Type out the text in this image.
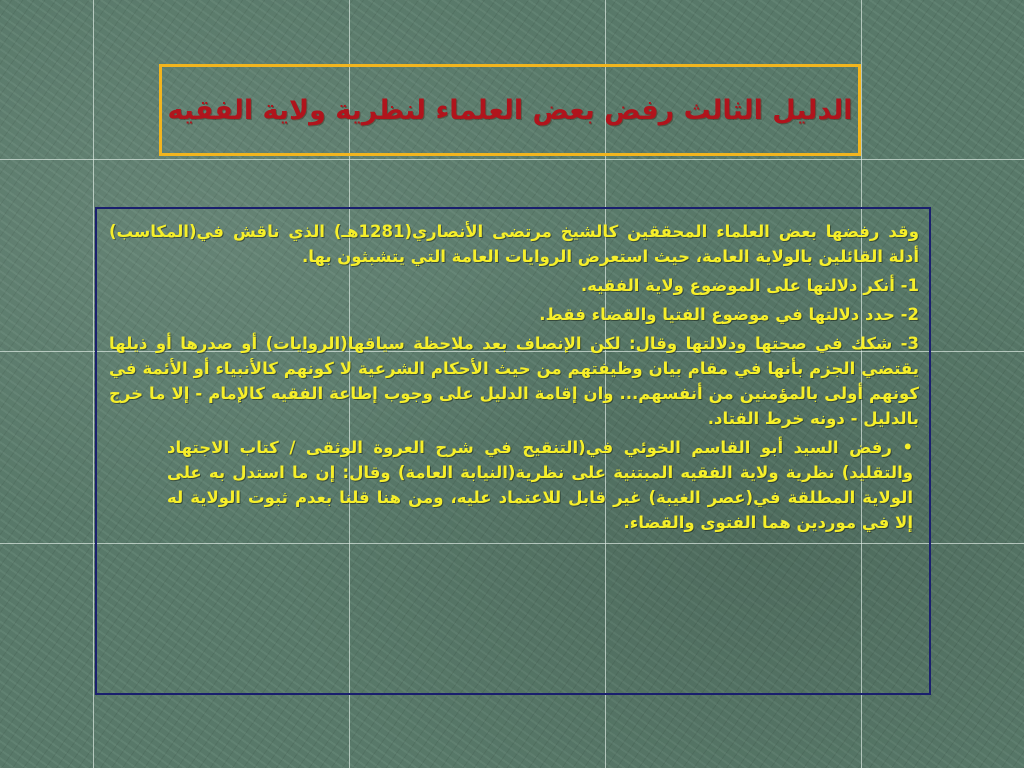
الدليل الثالث رفض بعض العلماء لنظرية ولاية الفقيه

وقد رفضها بعض العلماء المحققين كالشيخ مرتضى الأنصاري(1281هـ) الذي ناقش في(المكاسب) أدلة القائلين بالولاية العامة، حيث استعرض الروايات العامة التي يتشبثون بها.

1- أنكر دلالتها على الموضوع ولاية الفقيه.

2- حدد دلالتها في موضوع الفتيا والقضاء فقط.

3- شكك في صحتها ودلالتها وقال: لكن الإنصاف بعد ملاحظة سياقها(الروايات) أو صدرها أو ذيلها يقتضي الجزم بأنها في مقام بيان وظيفتهم من حيث الأحكام الشرعية لا كونهم كالأنبياء أو الأئمة في كونهم أولى بالمؤمنين من أنفسهم... وان إقامة الدليل على وجوب إطاعة الفقيه كالإمام - إلا ما خرج بالدليل - دونه خرط القتاد.

• رفض السيد أبو القاسم الخوئي في(التنقيح في شرح العروة الوثقى / كتاب الاجتهاد والتقليد) نظرية ولاية الفقيه المبتنية على نظرية(النيابة العامة) وقال: إن ما استدل به على الولاية المطلقة في(عصر الغيبة) غير قابل للاعتماد عليه، ومن هنا قلنا بعدم ثبوت الولاية له إلا في موردين هما الفتوى والقضاء.
